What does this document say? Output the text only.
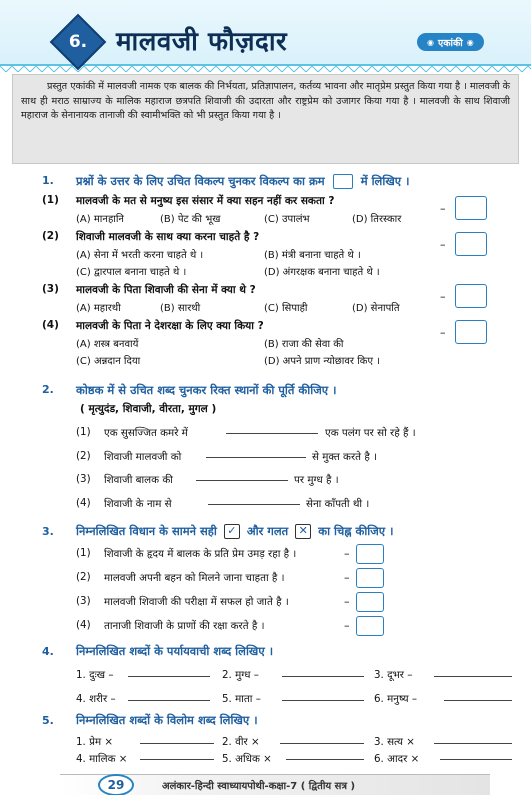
6.	मालवजी फौज़दार	◉ एकांकी ◉

प्रस्तुत एकांकी में मालवजी नामक एक बालक की निर्भयता, प्रतिज्ञापालन, कर्तव्य भावना और मातृप्रेम प्रस्तुत किया गया है । मालवजी के साथ ही मराठ साम्राज्य के मालिक महाराज छत्रपति शिवाजी की उदारता और राष्ट्रप्रेम को उजागर किया गया है । मालवजी के साथ शिवाजी महाराज के सेनानायक तानाजी की स्वामीभक्ति को भी प्रस्तुत किया गया है ।

1. प्रश्नों के उत्तर के लिए उचित विकल्प चुनकर विकल्प का क्रम	में लिखिए ।
(1) मालवजी के मत से मनुष्य इस संसार में क्या सहन नहीं कर सकता ?
(A) मानहानि	(B) पेट की भूख	(C) उपालंभ	(D) तिरस्कार
–
(2) शिवाजी मालवजी के साथ क्या करना चाहते है ?
(A) सेना में भरती करना चाहते थे ।	(B) मंत्री बनाना चाहते थे ।
(C) द्वारपाल बनाना चाहते थे ।	(D) अंगरक्षक बनाना चाहते थे ।
–
(3) मालवजी के पिता शिवाजी की सेना में क्या थे ?
(A) महारथी	(B) सारथी	(C) सिपाही	(D) सेनापति
–
(4) मालवजी के पिता ने देशरक्षा के लिए क्या किया ?
(A) शस्त्र बनवायें	(B) राजा की सेवा की
(C) अन्नदान दिया	(D) अपने प्राण न्योछावर किए ।
–
2. कोष्ठक में से उचित शब्द चुनकर रिक्त स्थानों की पूर्ति कीजिए ।
( मृत्युदंड, शिवाजी, वीरता, मुगल )
(1) एक सुसज्जित कमरे में	एक पलंग पर सो रहे हैं ।
(2) शिवाजी मालवजी को	से मुक्त करते है ।
(3) शिवाजी बालक की	पर मुग्ध है ।
(4) शिवाजी के नाम से	सेना काँपती थी ।
3. निम्नलिखित विधान के सामने सही ✓ और गलत ✕ का चिह्न कीजिए ।
(1) शिवाजी के हृदय में बालक के प्रति प्रेम उमड़ रहा है ।	–
(2) मालवजी अपनी बहन को मिलने जाना चाहता है ।	–
(3) मालवजी शिवाजी की परीक्षा में सफल हो जाते है ।	–
(4) तानाजी शिवाजी के प्राणों की रक्षा करते है ।	–
4. निम्नलिखित शब्दों के पर्यायवाची शब्द लिखिए ।
1. दुःख –	2. मुग्ध –	3. दूभर –
4. शरीर –	5. माता –	6. मनुष्य –
5. निम्नलिखित शब्दों के विलोम शब्द लिखिए ।
1. प्रेम ×	2. वीर ×	3. सत्य ×
29	अलंकार-हिन्दी स्वाध्यायपोथी-कक्षा-7 ( द्वितीय सत्र )
4. मालिक ×	5. अधिक ×	6. आदर ×
